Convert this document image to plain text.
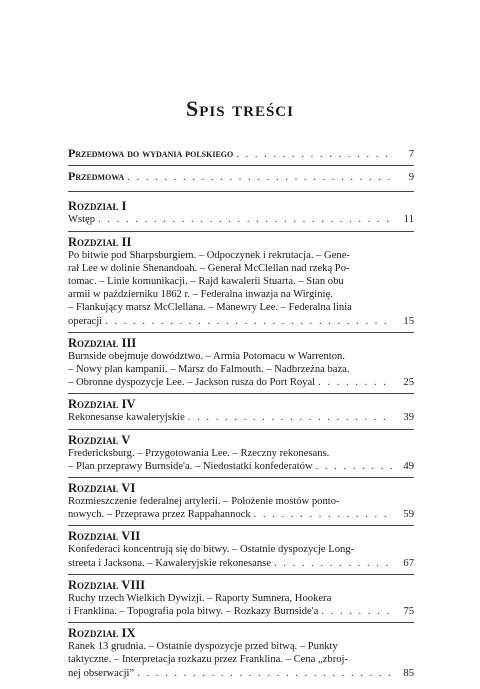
Spis treści
Przedmowa do wydania polskiego . . .	7
Przedmowa . . .	9
Rozdział I
Wstęp . . .	11
Rozdział II
Po bitwie pod Sharpsburgiem. – Odpoczynek i rekrutacja. – Gene-
rał Lee w dolinie Shenandoah. – Generał McClellan nad rzeką Po-
tomac. – Linie komunikacji. – Rajd kawalerii Stuarta. – Stan obu
armii w październiku 1862 r. – Federalna inwazja na Wirginię.
– Flankujący marsz McClellana. – Manewry Lee. – Federalna linia
operacji . . .	15
Rozdział III
Burnside obejmuje dowództwo. – Armia Potomacu w Warrenton.
– Nowy plan kampanii. – Marsz do Falmouth. – Nadbrzeżna baza.
– Obronne dyspozycje Lee. – Jackson rusza do Port Royal . . .	25
Rozdział IV
Rekonesanse kawaleryjskie . . .	39
Rozdział V
Fredericksburg. – Przygotowania Lee. – Rzeczny rekonesans.
– Plan przeprawy Burnside'a. – Niedostatki konfederatów . . .	49
Rozdział VI
Rozmieszczenie federalnej artylerii. – Położenie mostów ponto-
nowych. – Przeprawa przez Rappahannock . . .	59
Rozdział VII
Konfederaci koncentrują się do bitwy. – Ostatnie dyspozycje Long-
streeta i Jacksona. – Kawaleryjskie rekonesanse . . .	67
Rozdział VIII
Ruchy trzech Wielkich Dywizji. – Raporty Sumnera, Hookera
i Franklina. – Topografia pola bitwy. – Rozkazy Burnside'a . . .	75
Rozdział IX
Ranek 13 grudnia. – Ostatnie dyspozycje przed bitwą. – Punkty
taktyczne. – Interpretacja rozkazu przez Franklina. – Cena „zbroj-
nej obserwacji” . . .	85
